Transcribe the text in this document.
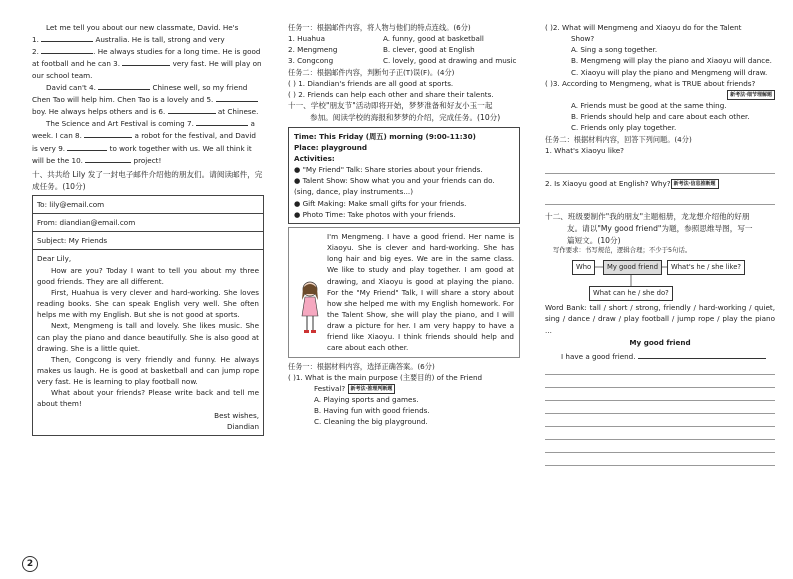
Let me tell you about our new classmate, David. He's

1.	Australia. He is tall, strong and very

2.	. He always studies for a long time. He is good

at football and he can 3.	very fast. He will play on

our school team.

David can't 4.	Chinese well, so my friend

Chen Tao will help him. Chen Tao is a lovely and 5.

boy. He always helps others and is 6.	at Chinese.

The Science and Art Festival is coming 7.	a

week. I can 8.	a robot for the festival, and David

is very 9.	to work together with us. We all think it

will be the 10.	project!

十、共共给 Lily 发了一封电子邮件介绍他的朋友们。请阅读邮件，完成任务。(10分)

To: lily@email.com
From: diandian@email.com
Subject: My Friends

Dear Lily,

How are you? Today I want to tell you about my three good friends. They are all different.

First, Huahua is very clever and hard-working. She loves reading books. She can speak English very well. She often helps me with my English. But she is not good at sports.

Next, Mengmeng is tall and lovely. She likes music. She can play the piano and dance beautifully. She is also good at drawing. She is a little quiet.

Then, Congcong is very friendly and funny. He always makes us laugh. He is good at basketball and can jump rope very fast. He is learning to play football now.

What about your friends? Please write back and tell me about them!

Best wishes,

Diandian

任务一：根据邮件内容，将人物与他们的特点连线。(6分)

1. Huahua	A. funny, good at basketball

2. Mengmeng	B. clever, good at English

3. Congcong	C. lovely, good at drawing and music

任务二：根据邮件内容，判断句子正(T)误(F)。(4分)

( ) 1. Diandian's friends are all good at sports.

( ) 2. Friends can help each other and share their talents.

十一、学校"朋友节"活动即将开始，梦梦准备和好友小玉一起

参加。阅读学校的海报和梦梦的介绍，完成任务。(10分)

Time: This Friday (周五) morning (9:00-11:30)

Place: playground

Activities:

● "My Friend" Talk: Share stories about your friends.

● Talent Show: Show what you and your friends can do. (sing, dance, play instruments...)

● Gift Making: Make small gifts for your friends.

● Photo Time: Take photos with your friends.

I'm Mengmeng. I have a good friend. Her name is Xiaoyu. She is clever and hard-working. She has long hair and big eyes. We are in the same class. We like to study and play together. I am good at drawing, and Xiaoyu is good at playing the piano. For the "My Friend" Talk, I will share a story about how she helped me with my English homework. For the Talent Show, she will play the piano, and I will draw a picture for her. I am very happy to have a friend like Xiaoyu. I think friends should help and care about each other.

任务一：根据材料内容，选择正确答案。(6分)

( )1. What is the main purpose (主要目的) of the Friend

Festival? 新考法·推理判断题

A. Playing sports and games.

B. Having fun with good friends.

C. Cleaning the big playground.

( )2. What will Mengmeng and Xiaoyu do for the Talent

Show?

A. Sing a song together.

B. Mengmeng will play the piano and Xiaoyu will dance.

C. Xiaoyu will play the piano and Mengmeng will draw.

( )3. According to Mengmeng, what is TRUE about friends?

新考法·细节理解题

A. Friends must be good at the same thing.

B. Friends should help and care about each other.

C. Friends only play together.

任务二：根据材料内容，回答下列问题。(4分)

1. What's Xiaoyu like?

2. Is Xiaoyu good at English? Why? 新考法·信息推断题

十二、班级要制作"我的朋友"主题相册，龙龙想介绍他的好朋

友。请以"My good friend"为题，参照思维导图，写一

篇短文。(10分)

写作要求：书写规范，逻辑合理；不少于5句话。

Who	My good friend	What's he / she like?
What can he / she do?

Word Bank: tall / short / strong, friendly / hard-working / quiet, sing / dance / draw / play football / jump rope / play the piano ...

My good friend

I have a good friend.

2
